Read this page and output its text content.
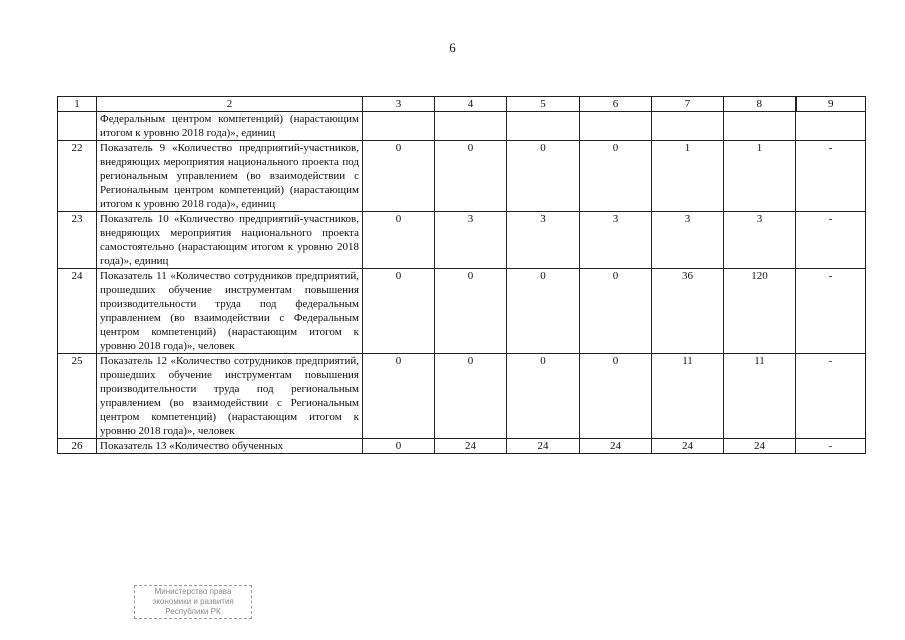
6
1	2	3	4	5	6	7	8	9
	Федеральным центром компетенций) (нарастающим итогом к уровню 2018 года)», единиц							
22	Показатель 9 «Количество предприятий-участников, внедряющих мероприятия национального проекта под региональным управлением (во взаимодействии с Региональным центром компетенций) (нарастающим итогом к уровню 2018 года)», единиц	0	0	0	0	1	1	-
23	Показатель 10 «Количество предприятий-участников, внедряющих мероприятия национального проекта самостоятельно (нарастающим итогом к уровню 2018 года)», единиц	0	3	3	3	3	3	-
24	Показатель 11 «Количество сотрудников предприятий, прошедших обучение инструментам повышения производительности труда под федеральным управлением (во взаимодействии с Федеральным центром компетенций) (нарастающим итогом к уровню 2018 года)», человек	0	0	0	0	36	120	-
25	Показатель 12 «Количество сотрудников предприятий, прошедших обучение инструментам повышения производительности труда под региональным управлением (во взаимодействии с Региональным центром компетенций) (нарастающим итогом к уровню 2018 года)», человек	0	0	0	0	11	11	-
26	Показатель 13 «Количество обученных	0	24	24	24	24	24	-
Министерство права
экономики и развития
Республики РК
